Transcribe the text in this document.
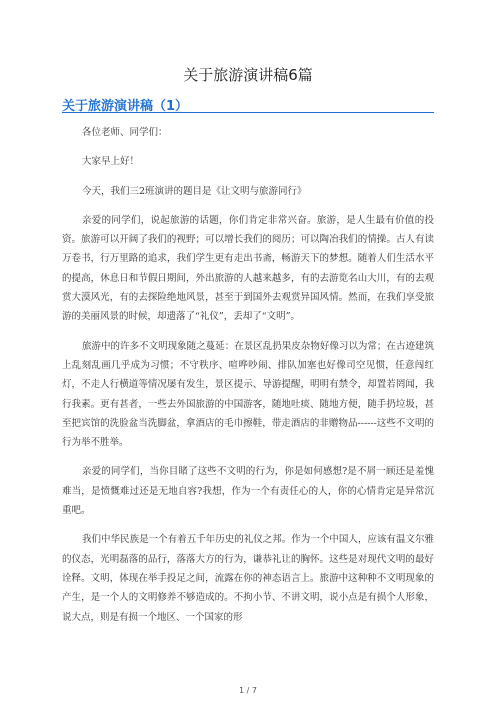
关于旅游演讲稿6篇
关于旅游演讲稿（1）

各位老师、同学们：

大家早上好！

今天，我们三2班演讲的题目是《让文明与旅游同行》

亲爱的同学们，说起旅游的话题，你们肯定非常兴奋。旅游，是人生最有价值的投资。旅游可以开阔了我们的视野；可以增长我们的阅历；可以陶冶我们的情操。古人有读万卷书，行万里路的追求，我们学生更有走出书斋，畅游天下的梦想。随着人们生活水平的提高，休息日和节假日期间，外出旅游的人越来越多，有的去游览名山大川，有的去观赏大漠风光，有的去探险绝地风景，甚至于到国外去观赏异国风情。然而，在我们享受旅游的美丽风景的时候，却遗落了“礼仪”，丢却了“文明”。

旅游中的许多不文明现象随之蔓延：在景区乱扔果皮杂物好像习以为常；在古迹建筑上乱刻乱画几乎成为习惯；不守秩序、喧哗吵闹、排队加塞也好像司空见惯，任意闯红灯，不走人行横道等情况屡有发生，景区提示、导游提醒，明明有禁令，却置若罔闻，我行我素。更有甚者，一些去外国旅游的中国游客，随地吐痰、随地方便，随手扔垃圾，甚至把宾馆的洗脸盆当洗脚盆，拿酒店的毛巾擦鞋，带走酒店的非赠物品------这些不文明的行为举不胜举。

亲爱的同学们，当你目睹了这些不文明的行为，你是如何感想?是不屑一顾还是羞愧难当，是愤慨难过还是无地自容?我想，作为一个有责任心的人，你的心情肯定是异常沉重吧。

我们中华民族是一个有着五千年历史的礼仪之邦。作为一个中国人，应该有温文尔雅的仪态，光明磊落的品行，落落大方的行为，谦恭礼让的胸怀。这些是对现代文明的最好诠释。文明，体现在举手投足之间，流露在你的神态语言上。旅游中这种种不文明现象的产生，是一个人的文明修养不够造成的。不拘小节、不讲文明，说小点是有损个人形象，说大点，则是有损一个地区、一个国家的形

1 / 7
